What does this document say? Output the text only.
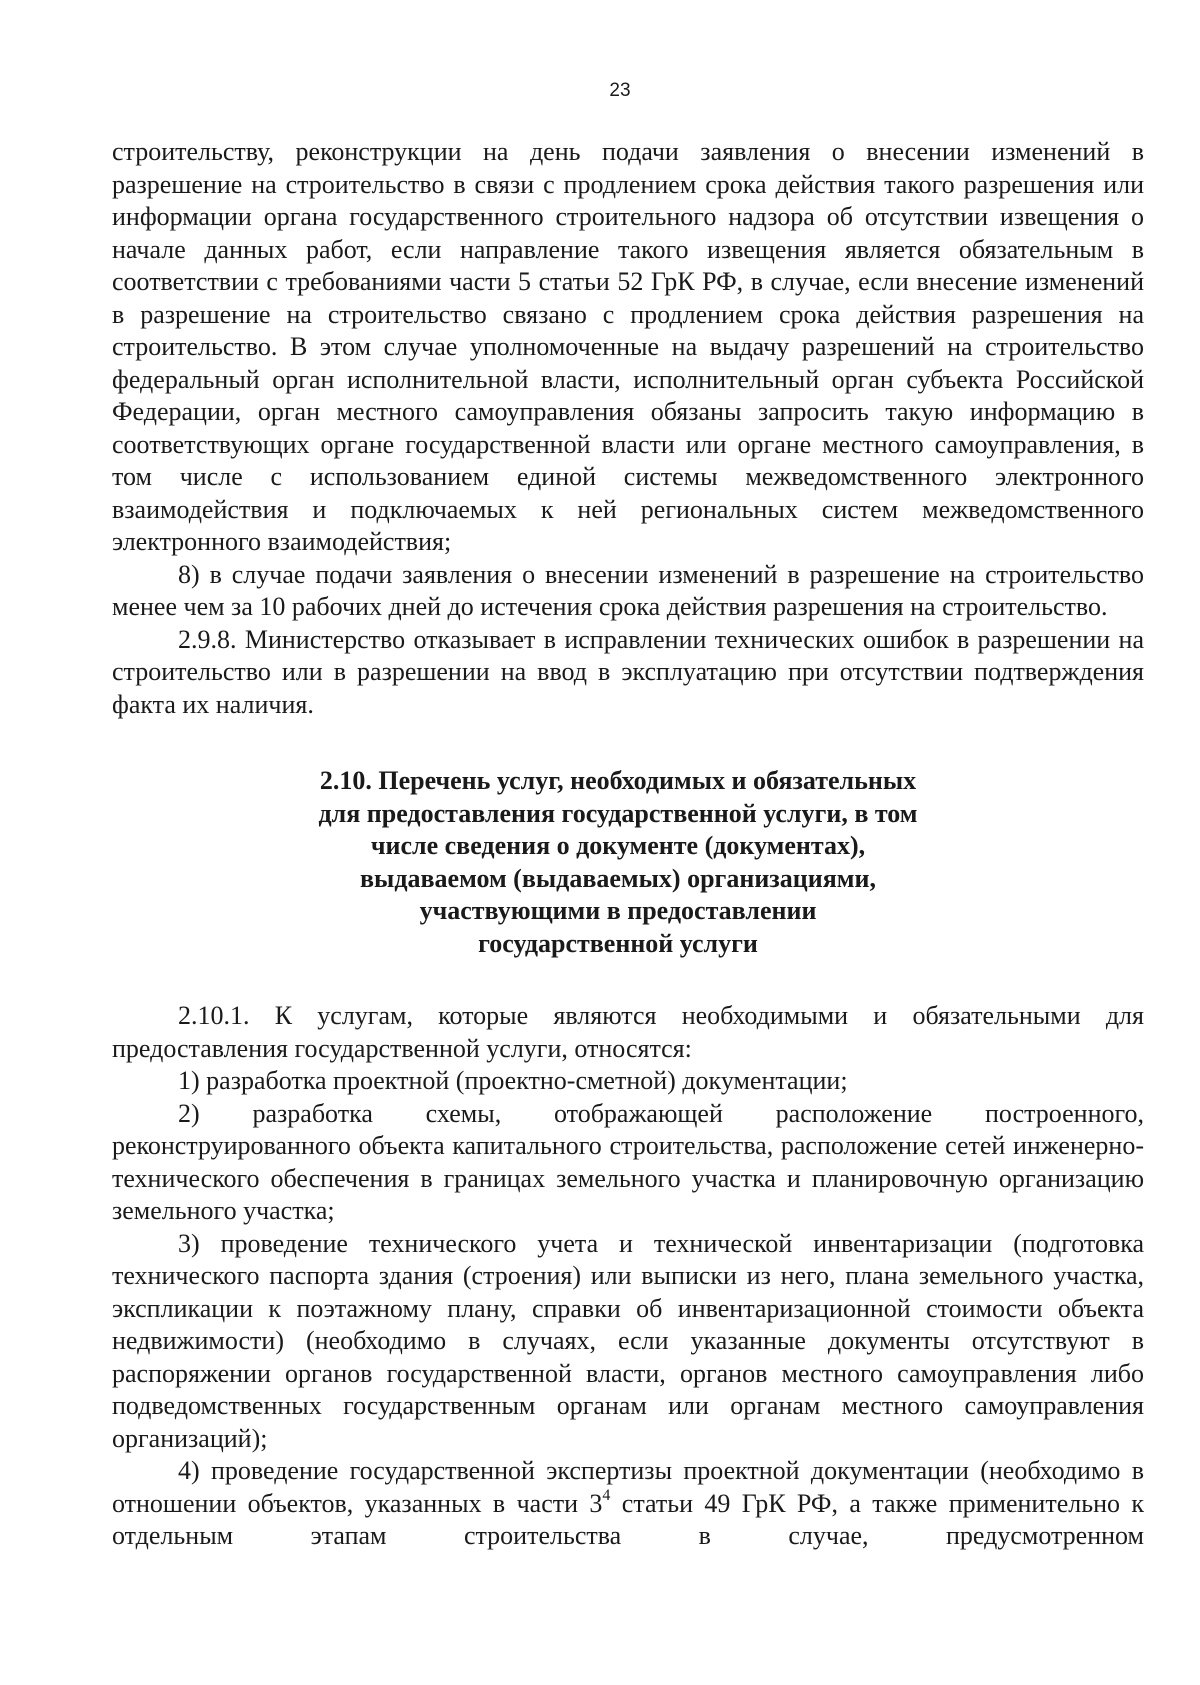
23

строительству, реконструкции на день подачи заявления о внесении изменений в разрешение на строительство в связи с продлением срока действия такого разрешения или информации органа государственного строительного надзора об отсутствии извещения о начале данных работ, если направление такого извещения является обязательным в соответствии с требованиями части 5 статьи 52 ГрК РФ, в случае, если внесение изменений в разрешение на строительство связано с продлением срока действия разрешения на строительство. В этом случае уполномоченные на выдачу разрешений на строительство федеральный орган исполнительной власти, исполнительный орган субъекта Российской Федерации, орган местного самоуправления обязаны запросить такую информацию в соответствующих органе государственной власти или органе местного самоуправления, в том числе с использованием единой системы межведомственного электронного взаимодействия и подключаемых к ней региональных систем межведомственного электронного взаимодействия;

8) в случае подачи заявления о внесении изменений в разрешение на строительство менее чем за 10 рабочих дней до истечения срока действия разрешения на строительство.

2.9.8. Министерство отказывает в исправлении технических ошибок в разрешении на строительство или в разрешении на ввод в эксплуатацию при отсутствии подтверждения факта их наличия.

2.10. Перечень услуг, необходимых и обязательных
для предоставления государственной услуги, в том
числе сведения о документе (документах),
выдаваемом (выдаваемых) организациями,
участвующими в предоставлении
государственной услуги

2.10.1. К услугам, которые являются необходимыми и обязательными для предоставления государственной услуги, относятся:

1) разработка проектной (проектно-сметной) документации;

2) разработка схемы, отображающей расположение построенного, реконструированного объекта капитального строительства, расположение сетей инженерно-технического обеспечения в границах земельного участка и планировочную организацию земельного участка;

3) проведение технического учета и технической инвентаризации (подготовка технического паспорта здания (строения) или выписки из него, плана земельного участка, экспликации к поэтажному плану, справки об инвентаризационной стоимости объекта недвижимости) (необходимо в случаях, если указанные документы отсутствуют в распоряжении органов государственной власти, органов местного самоуправления либо подведомственных государственным органам или органам местного самоуправления организаций);

4) проведение государственной экспертизы проектной документации (необходимо в отношении объектов, указанных в части $3^4$ статьи 49 ГрК РФ, а также применительно к отдельным этапам строительства в случае, предусмотренном
